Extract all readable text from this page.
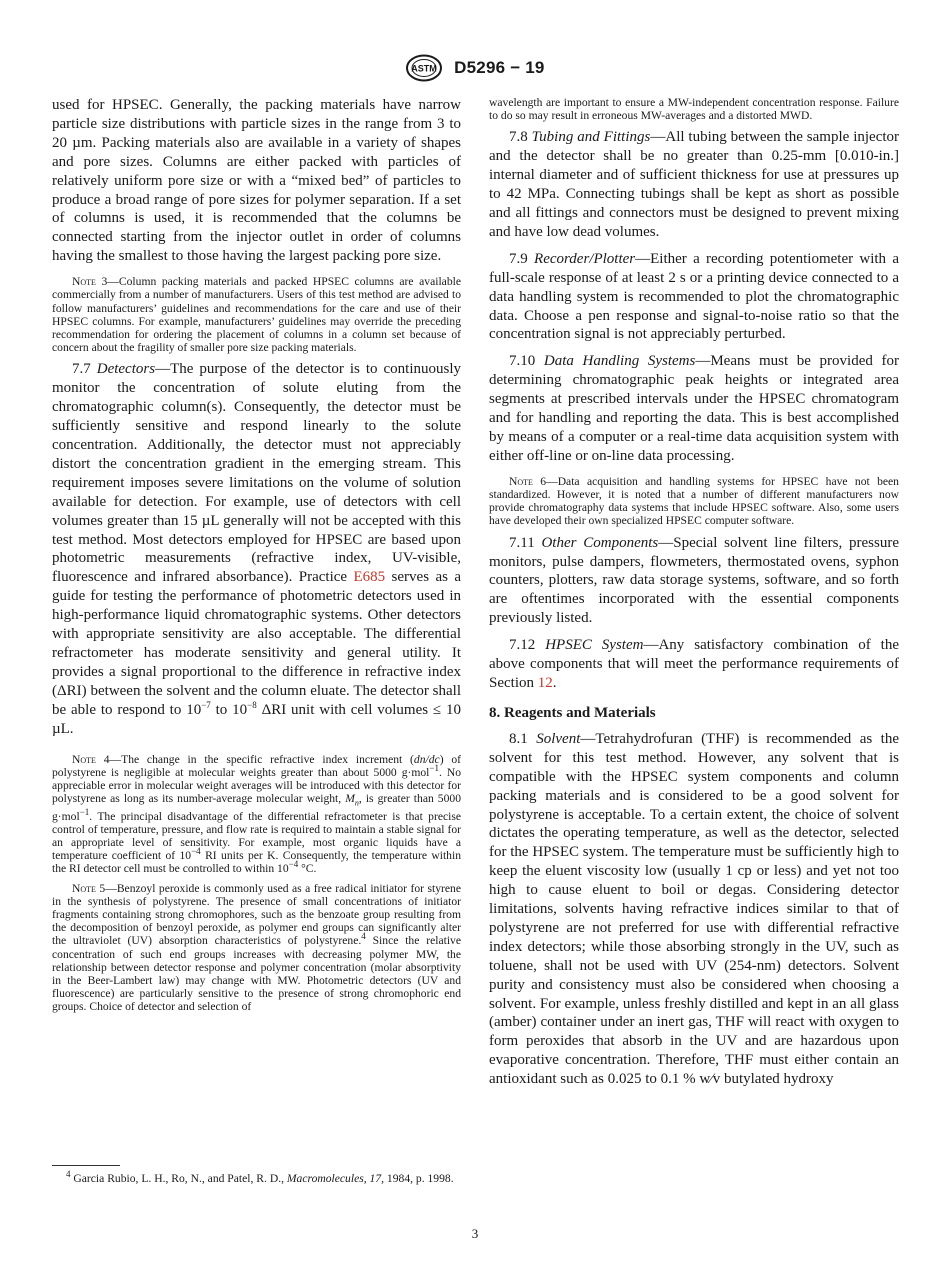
ASTM D5296 − 19

used for HPSEC. Generally, the packing materials have narrow particle size distributions with particle sizes in the range from 3 to 20 µm. Packing materials also are available in a variety of shapes and pore sizes. Columns are either packed with particles of relatively uniform pore size or with a “mixed bed” of particles to produce a broad range of pore sizes for polymer separation. If a set of columns is used, it is recommended that the columns be connected starting from the injector outlet in order of columns having the smallest to those having the largest packing pore size.

Note 3—Column packing materials and packed HPSEC columns are available commercially from a number of manufacturers. Users of this test method are advised to follow manufacturers’ guidelines and recommendations for the care and use of their HPSEC columns. For example, manufacturers’ guidelines may override the preceding recommendation for ordering the placement of columns in a column set because of concern about the fragility of smaller pore size packing materials.

7.7 Detectors—The purpose of the detector is to continuously monitor the concentration of solute eluting from the chromatographic column(s). Consequently, the detector must be sufficiently sensitive and respond linearly to the solute concentration. Additionally, the detector must not appreciably distort the concentration gradient in the emerging stream. This requirement imposes severe limitations on the volume of solution available for detection. For example, use of detectors with cell volumes greater than 15 µL generally will not be accepted with this test method. Most detectors employed for HPSEC are based upon photometric measurements (refractive index, UV-visible, fluorescence and infrared absorbance). Practice E685 serves as a guide for testing the performance of photometric detectors used in high-performance liquid chromatographic systems. Other detectors with appropriate sensitivity are also acceptable. The differential refractometer has moderate sensitivity and general utility. It provides a signal proportional to the difference in refractive index (ΔRI) between the solvent and the column eluate. The detector shall be able to respond to $10^{-7}$ to $10^{-8}$ ΔRI unit with cell volumes ≤ 10 µL.

Note 4—The change in the specific refractive index increment (dn/dc) of polystyrene is negligible at molecular weights greater than about 5000 g·mol$^{-1}$. No appreciable error in molecular weight averages will be introduced with this detector for polystyrene as long as its number-average molecular weight, $M_n$, is greater than 5000 g·mol$^{-1}$. The principal disadvantage of the differential refractometer is that precise control of temperature, pressure, and flow rate is required to maintain a stable signal for an appropriate level of sensitivity. For example, most organic liquids have a temperature coefficient of $10^{-4}$ RI units per K. Consequently, the temperature within the RI detector cell must be controlled to within $10^{-4}$ °C.

Note 5—Benzoyl peroxide is commonly used as a free radical initiator for styrene in the synthesis of polystyrene. The presence of small concentrations of initiator fragments containing strong chromophores, such as the benzoate group resulting from the decomposition of benzoyl peroxide, as polymer end groups can significantly alter the ultraviolet (UV) absorption characteristics of polystyrene.$^4$ Since the relative concentration of such end groups increases with decreasing polymer MW, the relationship between detector response and polymer concentration (molar absorptivity in the Beer-Lambert law) may change with MW. Photometric detectors (UV and fluorescence) are particularly sensitive to the presence of strong chromophoric end groups. Choice of detector and selection of

$^4$ Garcia Rubio, L. H., Ro, N., and Patel, R. D., Macromolecules, 17, 1984, p. 1998.

wavelength are important to ensure a MW-independent concentration response. Failure to do so may result in erroneous MW-averages and a distorted MWD.

7.8 Tubing and Fittings—All tubing between the sample injector and the detector shall be no greater than 0.25-mm [0.010-in.] internal diameter and of sufficient thickness for use at pressures up to 42 MPa. Connecting tubings shall be kept as short as possible and all fittings and connectors must be designed to prevent mixing and have low dead volumes.

7.9 Recorder/Plotter—Either a recording potentiometer with a full-scale response of at least 2 s or a printing device connected to a data handling system is recommended to plot the chromatographic data. Choose a pen response and signal-to-noise ratio so that the concentration signal is not appreciably perturbed.

7.10 Data Handling Systems—Means must be provided for determining chromatographic peak heights or integrated area segments at prescribed intervals under the HPSEC chromatogram and for handling and reporting the data. This is best accomplished by means of a computer or a real-time data acquisition system with either off-line or on-line data processing.

Note 6—Data acquisition and handling systems for HPSEC have not been standardized. However, it is noted that a number of different manufacturers now provide chromatography data systems that include HPSEC software. Also, some users have developed their own specialized HPSEC computer software.

7.11 Other Components—Special solvent line filters, pressure monitors, pulse dampers, flowmeters, thermostated ovens, syphon counters, plotters, raw data storage systems, software, and so forth are oftentimes incorporated with the essential components previously listed.

7.12 HPSEC System—Any satisfactory combination of the above components that will meet the performance requirements of Section 12.

8. Reagents and Materials

8.1 Solvent—Tetrahydrofuran (THF) is recommended as the solvent for this test method. However, any solvent that is compatible with the HPSEC system components and column packing materials and is considered to be a good solvent for polystyrene is acceptable. To a certain extent, the choice of solvent dictates the operating temperature, as well as the detector, selected for the HPSEC system. The temperature must be sufficiently high to keep the eluent viscosity low (usually 1 cp or less) and yet not too high to cause eluent to boil or degas. Considering detector limitations, solvents having refractive indices similar to that of polystyrene are not preferred for use with differential refractive index detectors; while those absorbing strongly in the UV, such as toluene, shall not be used with UV (254-nm) detectors. Solvent purity and consistency must also be considered when choosing a solvent. For example, unless freshly distilled and kept in an all glass (amber) container under an inert gas, THF will react with oxygen to form peroxides that absorb in the UV and are hazardous upon evaporative concentration. Therefore, THF must either contain an antioxidant such as 0.025 to 0.1 % w⁄v butylated hydroxy

3
